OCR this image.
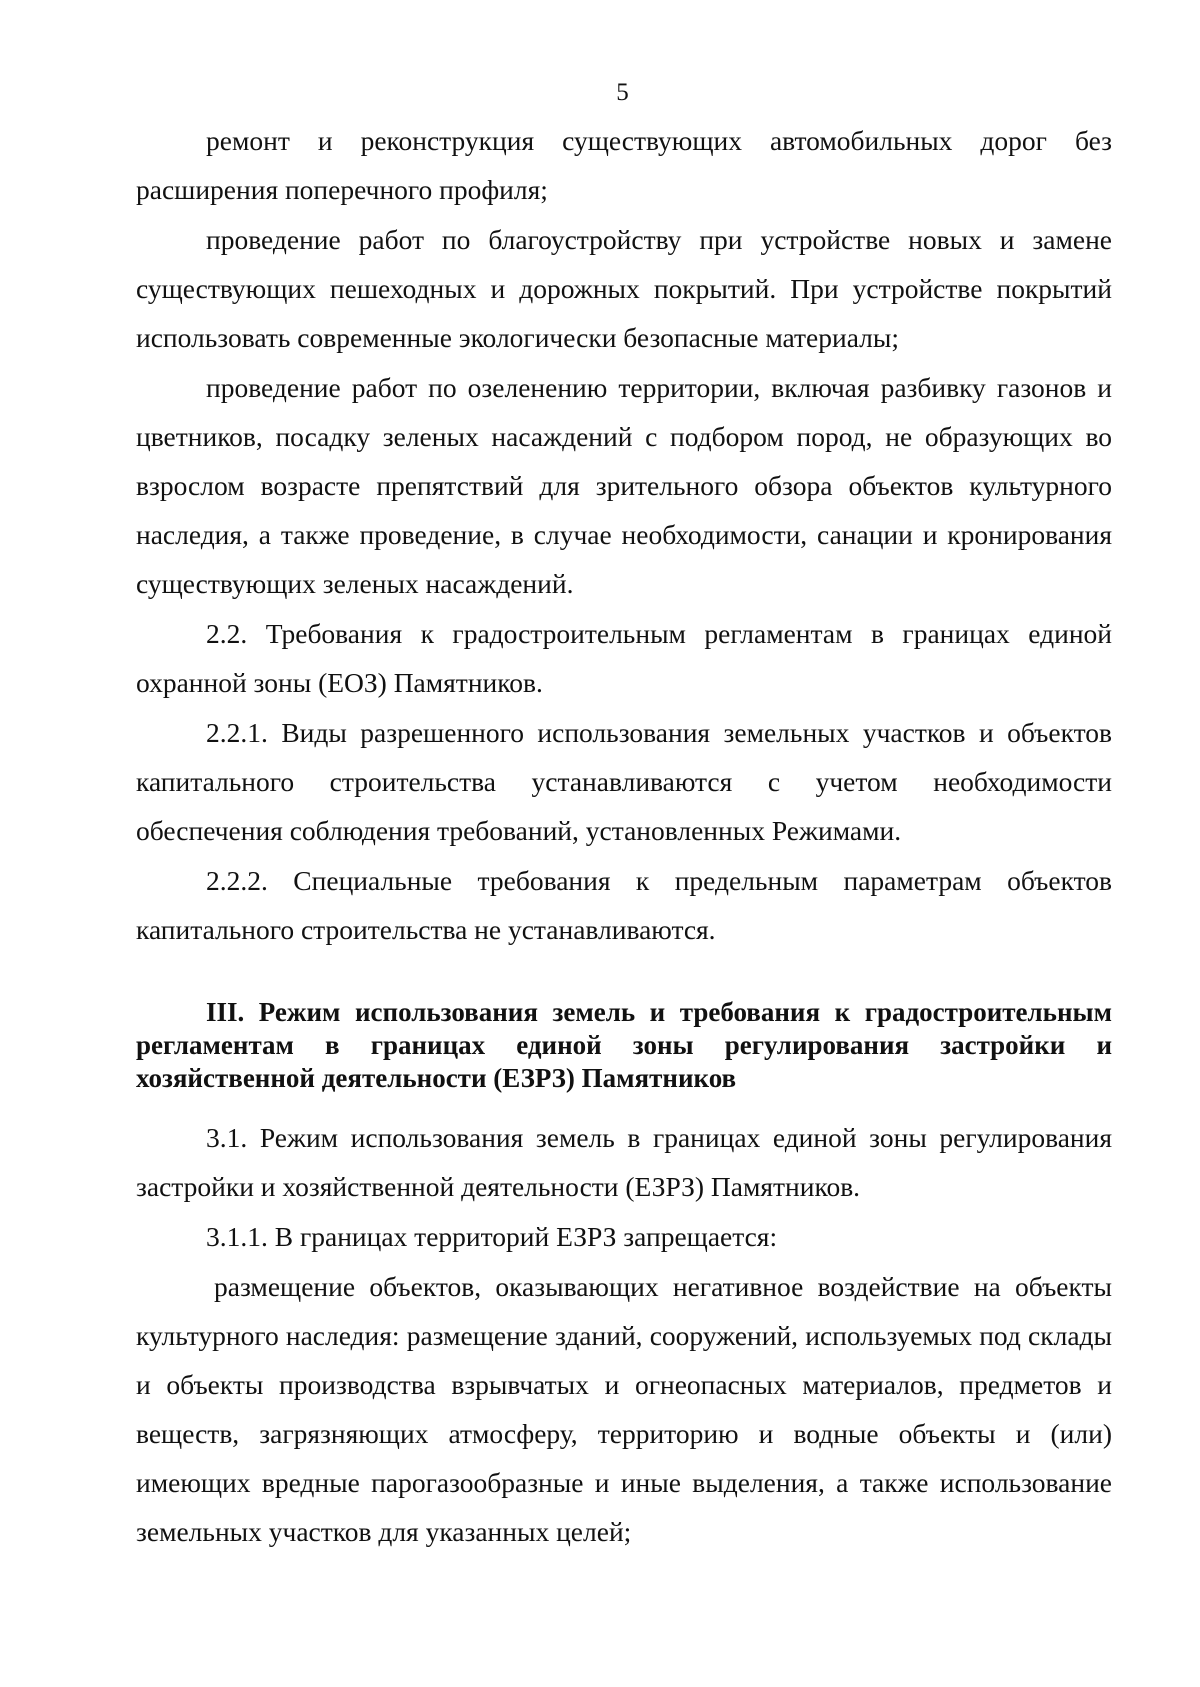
5

ремонт и реконструкция существующих автомобильных дорог без расширения поперечного профиля;

проведение работ по благоустройству при устройстве новых и замене существующих пешеходных и дорожных покрытий. При устройстве покрытий использовать современные экологически безопасные материалы;

проведение работ по озеленению территории, включая разбивку газонов и цветников, посадку зеленых насаждений с подбором пород, не образующих во взрослом возрасте препятствий для зрительного обзора объектов культурного наследия, а также проведение, в случае необходимости, санации и кронирования существующих зеленых насаждений.

2.2. Требования к градостроительным регламентам в границах единой охранной зоны (ЕОЗ) Памятников.

2.2.1. Виды разрешенного использования земельных участков и объектов капитального строительства устанавливаются с учетом необходимости обеспечения соблюдения требований, установленных Режимами.

2.2.2. Специальные требования к предельным параметрам объектов капитального строительства не устанавливаются.

III. Режим использования земель и требования к градостроительным регламентам в границах единой зоны регулирования застройки и хозяйственной деятельности (ЕЗРЗ) Памятников

3.1. Режим использования земель в границах единой зоны регулирования застройки и хозяйственной деятельности (ЕЗРЗ) Памятников.

3.1.1. В границах территорий ЕЗРЗ запрещается:

размещение объектов, оказывающих негативное воздействие на объекты культурного наследия: размещение зданий, сооружений, используемых под склады и объекты производства взрывчатых и огнеопасных материалов, предметов и веществ, загрязняющих атмосферу, территорию и водные объекты и (или) имеющих вредные парогазообразные и иные выделения, а также использование земельных участков для указанных целей;
